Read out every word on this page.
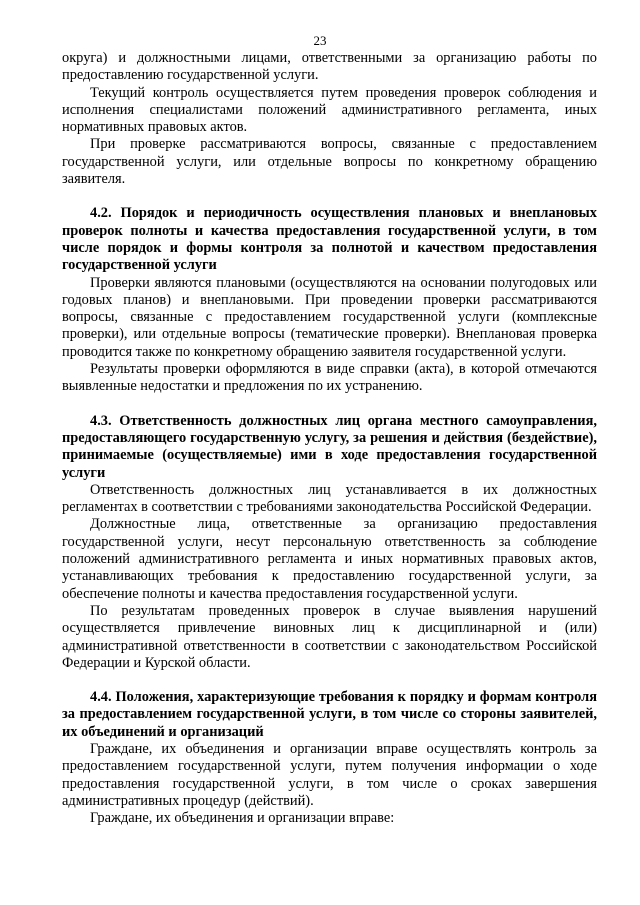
23

округа) и должностными лицами, ответственными за организацию работы по предоставлению государственной услуги.

Текущий контроль осуществляется путем проведения проверок соблюдения и исполнения специалистами положений административного регламента, иных нормативных правовых актов.

При проверке рассматриваются вопросы, связанные с предоставлением государственной услуги, или отдельные вопросы по конкретному обращению заявителя.

4.2. Порядок и периодичность осуществления плановых и внеплановых проверок полноты и качества предоставления государственной услуги, в том числе порядок и формы контроля за полнотой и качеством предоставления государственной услуги

Проверки являются плановыми (осуществляются на основании полугодовых или годовых планов) и внеплановыми. При проведении проверки рассматриваются вопросы, связанные с предоставлением государственной услуги (комплексные проверки), или отдельные вопросы (тематические проверки). Внеплановая проверка проводится также по конкретному обращению заявителя государственной услуги.

Результаты проверки оформляются в виде справки (акта), в которой отмечаются выявленные недостатки и предложения по их устранению.

4.3. Ответственность должностных лиц органа местного самоуправления, предоставляющего государственную услугу, за решения и действия (бездействие), принимаемые (осуществляемые) ими в ходе предоставления государственной услуги

Ответственность должностных лиц устанавливается в их должностных регламентах в соответствии с требованиями законодательства Российской Федерации.

Должностные лица, ответственные за организацию предоставления государственной услуги, несут персональную ответственность за соблюдение положений административного регламента и иных нормативных правовых актов, устанавливающих требования к предоставлению государственной услуги, за обеспечение полноты и качества предоставления государственной услуги.

По результатам проведенных проверок в случае выявления нарушений осуществляется привлечение виновных лиц к дисциплинарной и (или) административной ответственности в соответствии с законодательством Российской Федерации и Курской области.

4.4. Положения, характеризующие требования к порядку и формам контроля за предоставлением государственной услуги, в том числе со стороны заявителей, их объединений и организаций

Граждане, их объединения и организации вправе осуществлять контроль за предоставлением государственной услуги, путем получения информации о ходе предоставления государственной услуги, в том числе о сроках завершения административных процедур (действий).

Граждане, их объединения и организации вправе:
